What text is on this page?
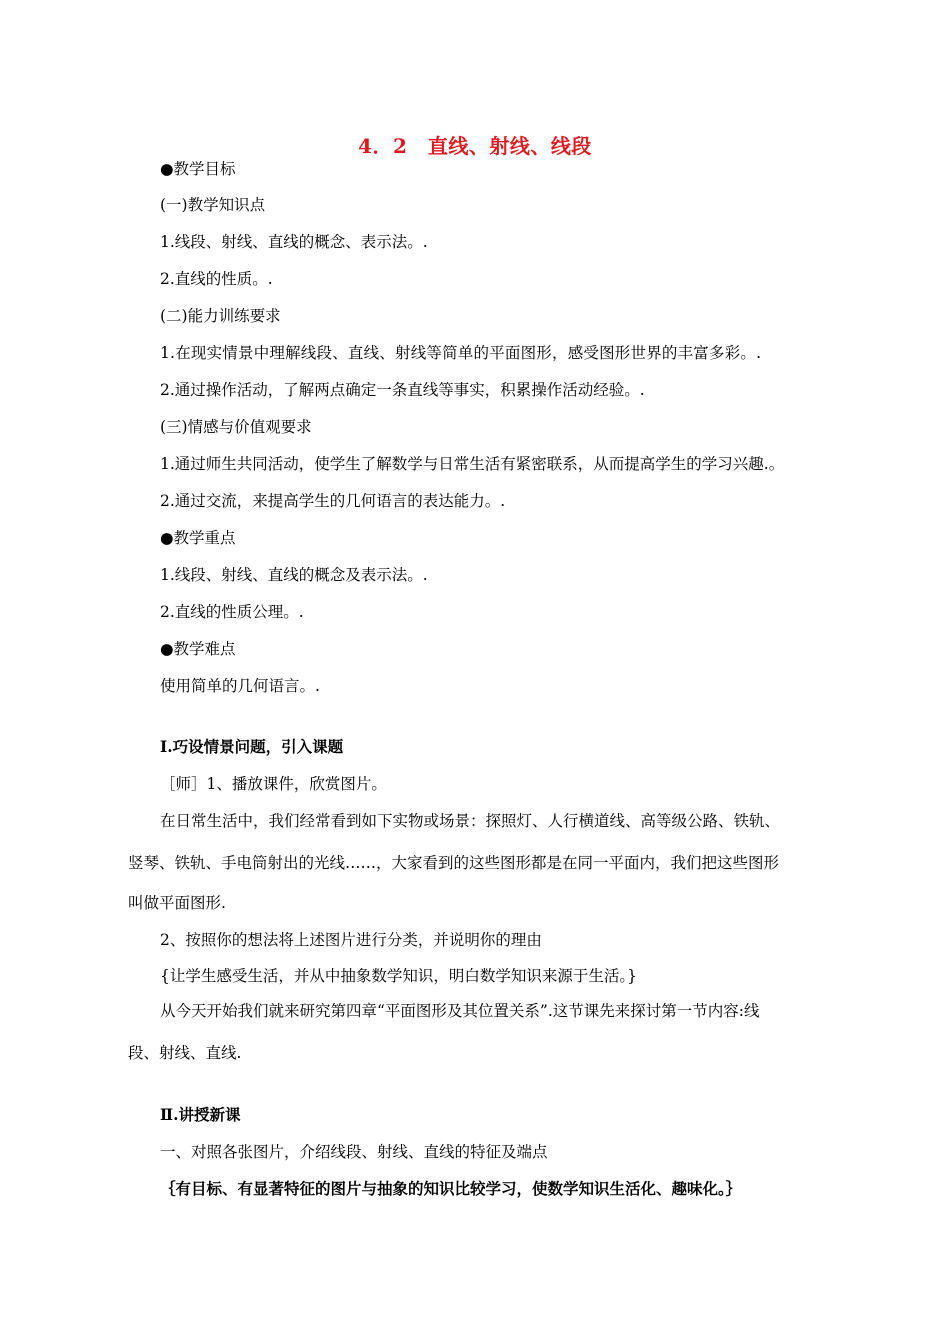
4．2　直线、射线、线段
●教学目标
(一)教学知识点
1.线段、射线、直线的概念、表示法。.
2.直线的性质。.
(二)能力训练要求
1.在现实情景中理解线段、直线、射线等简单的平面图形，感受图形世界的丰富多彩。.
2.通过操作活动，了解两点确定一条直线等事实，积累操作活动经验。.
(三)情感与价值观要求
1.通过师生共同活动，使学生了解数学与日常生活有紧密联系，从而提高学生的学习兴趣.。
2.通过交流，来提高学生的几何语言的表达能力。.
●教学重点
1.线段、射线、直线的概念及表示法。.
2.直线的性质公理。.
●教学难点
使用简单的几何语言。.
Ⅰ.巧设情景问题，引入课题
［师］1、播放课件，欣赏图片。
在日常生活中，我们经常看到如下实物或场景：探照灯、人行横道线、高等级公路、铁轨、
竖琴、铁轨、手电筒射出的光线……，大家看到的这些图形都是在同一平面内，我们把这些图形
叫做平面图形.
2、按照你的想法将上述图片进行分类，并说明你的理由
{让学生感受生活，并从中抽象数学知识，明白数学知识来源于生活。}
从今天开始我们就来研究第四章“平面图形及其位置关系”.这节课先来探讨第一节内容:线
段、射线、直线.
Ⅱ.讲授新课
一、对照各张图片，介绍线段、射线、直线的特征及端点
｛有目标、有显著特征的图片与抽象的知识比较学习，使数学知识生活化、趣味化。｝
